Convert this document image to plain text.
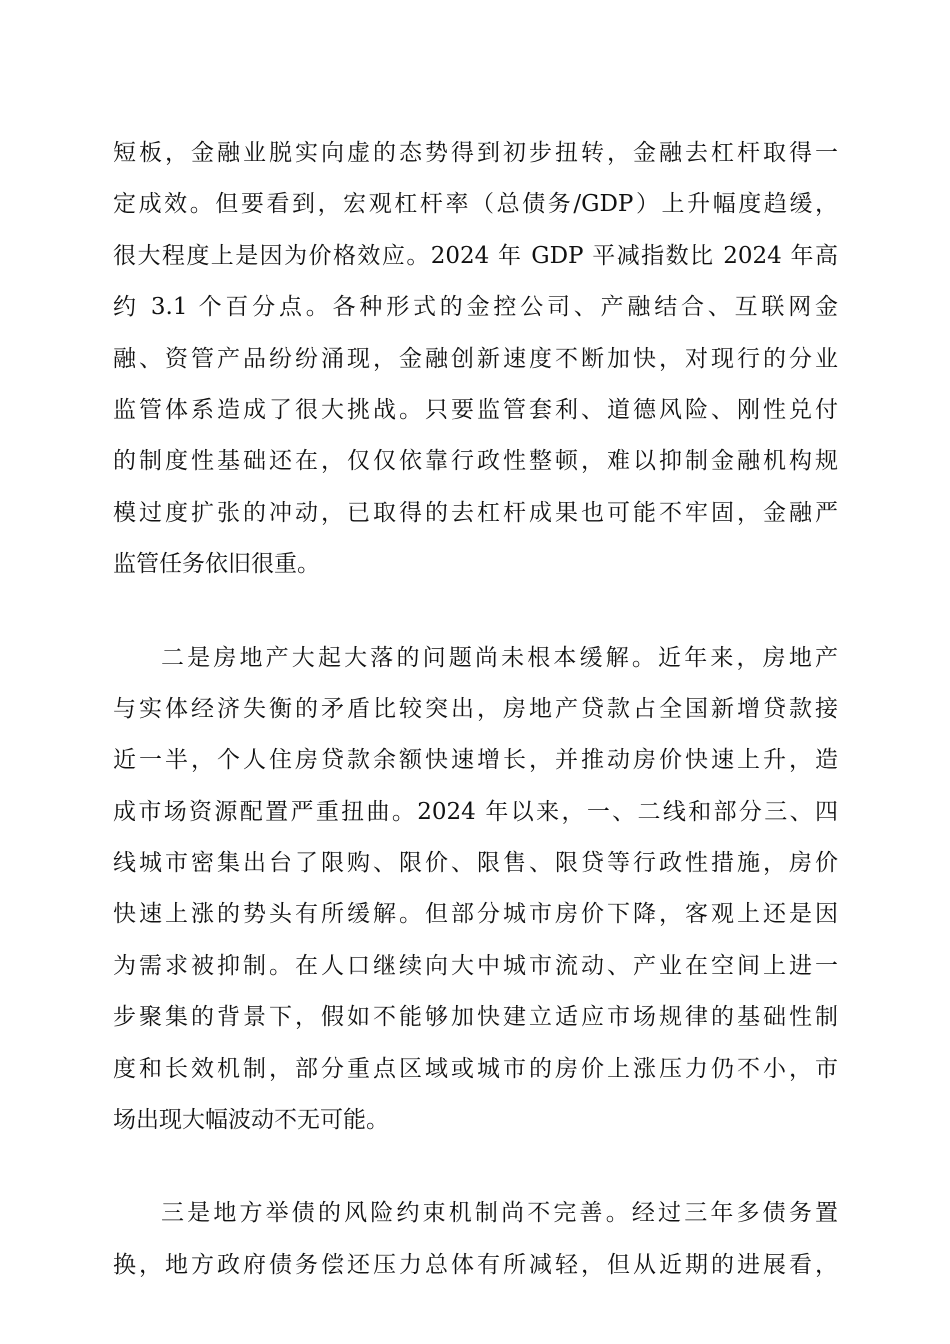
短板，金融业脱实向虚的态势得到初步扭转，金融去杠杆取得一
定成效。但要看到，宏观杠杆率（总债务/GDP）上升幅度趋缓，
很大程度上是因为价格效应。2024 年 GDP 平减指数比 2024 年高
约 3.1 个百分点。各种形式的金控公司、产融结合、互联网金
融、资管产品纷纷涌现，金融创新速度不断加快，对现行的分业
监管体系造成了很大挑战。只要监管套利、道德风险、刚性兑付
的制度性基础还在，仅仅依靠行政性整顿，难以抑制金融机构规
模过度扩张的冲动，已取得的去杠杆成果也可能不牢固，金融严
监管任务依旧很重。
二是房地产大起大落的问题尚未根本缓解。近年来，房地产
与实体经济失衡的矛盾比较突出，房地产贷款占全国新增贷款接
近一半，个人住房贷款余额快速增长，并推动房价快速上升，造
成市场资源配置严重扭曲。2024 年以来，一、二线和部分三、四
线城市密集出台了限购、限价、限售、限贷等行政性措施，房价
快速上涨的势头有所缓解。但部分城市房价下降，客观上还是因
为需求被抑制。在人口继续向大中城市流动、产业在空间上进一
步聚集的背景下，假如不能够加快建立适应市场规律的基础性制
度和长效机制，部分重点区域或城市的房价上涨压力仍不小，市
场出现大幅波动不无可能。
三是地方举债的风险约束机制尚不完善。经过三年多债务置
换，地方政府债务偿还压力总体有所减轻，但从近期的进展看，
